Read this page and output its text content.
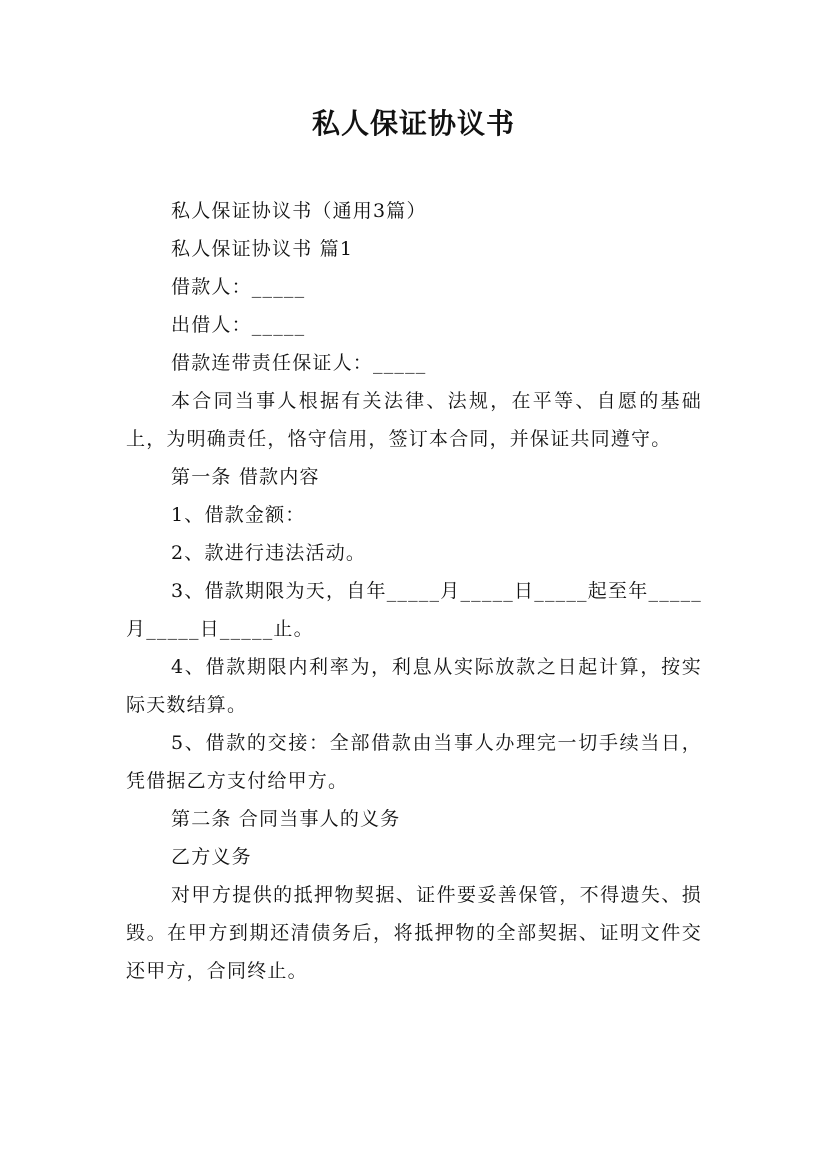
私人保证协议书

私人保证协议书（通用3篇）

私人保证协议书 篇1

借款人：_____

出借人：_____

借款连带责任保证人：_____

本合同当事人根据有关法律、法规，在平等、自愿的基础上，为明确责任，恪守信用，签订本合同，并保证共同遵守。

第一条 借款内容

1、借款金额：

2、款进行违法活动。

3、借款期限为天，自年_____月_____日_____起至年_____月_____日_____止。

4、借款期限内利率为，利息从实际放款之日起计算，按实际天数结算。

5、借款的交接：全部借款由当事人办理完一切手续当日，凭借据乙方支付给甲方。

第二条 合同当事人的义务

乙方义务

对甲方提供的抵押物契据、证件要妥善保管，不得遗失、损毁。在甲方到期还清债务后，将抵押物的全部契据、证明文件交还甲方，合同终止。
